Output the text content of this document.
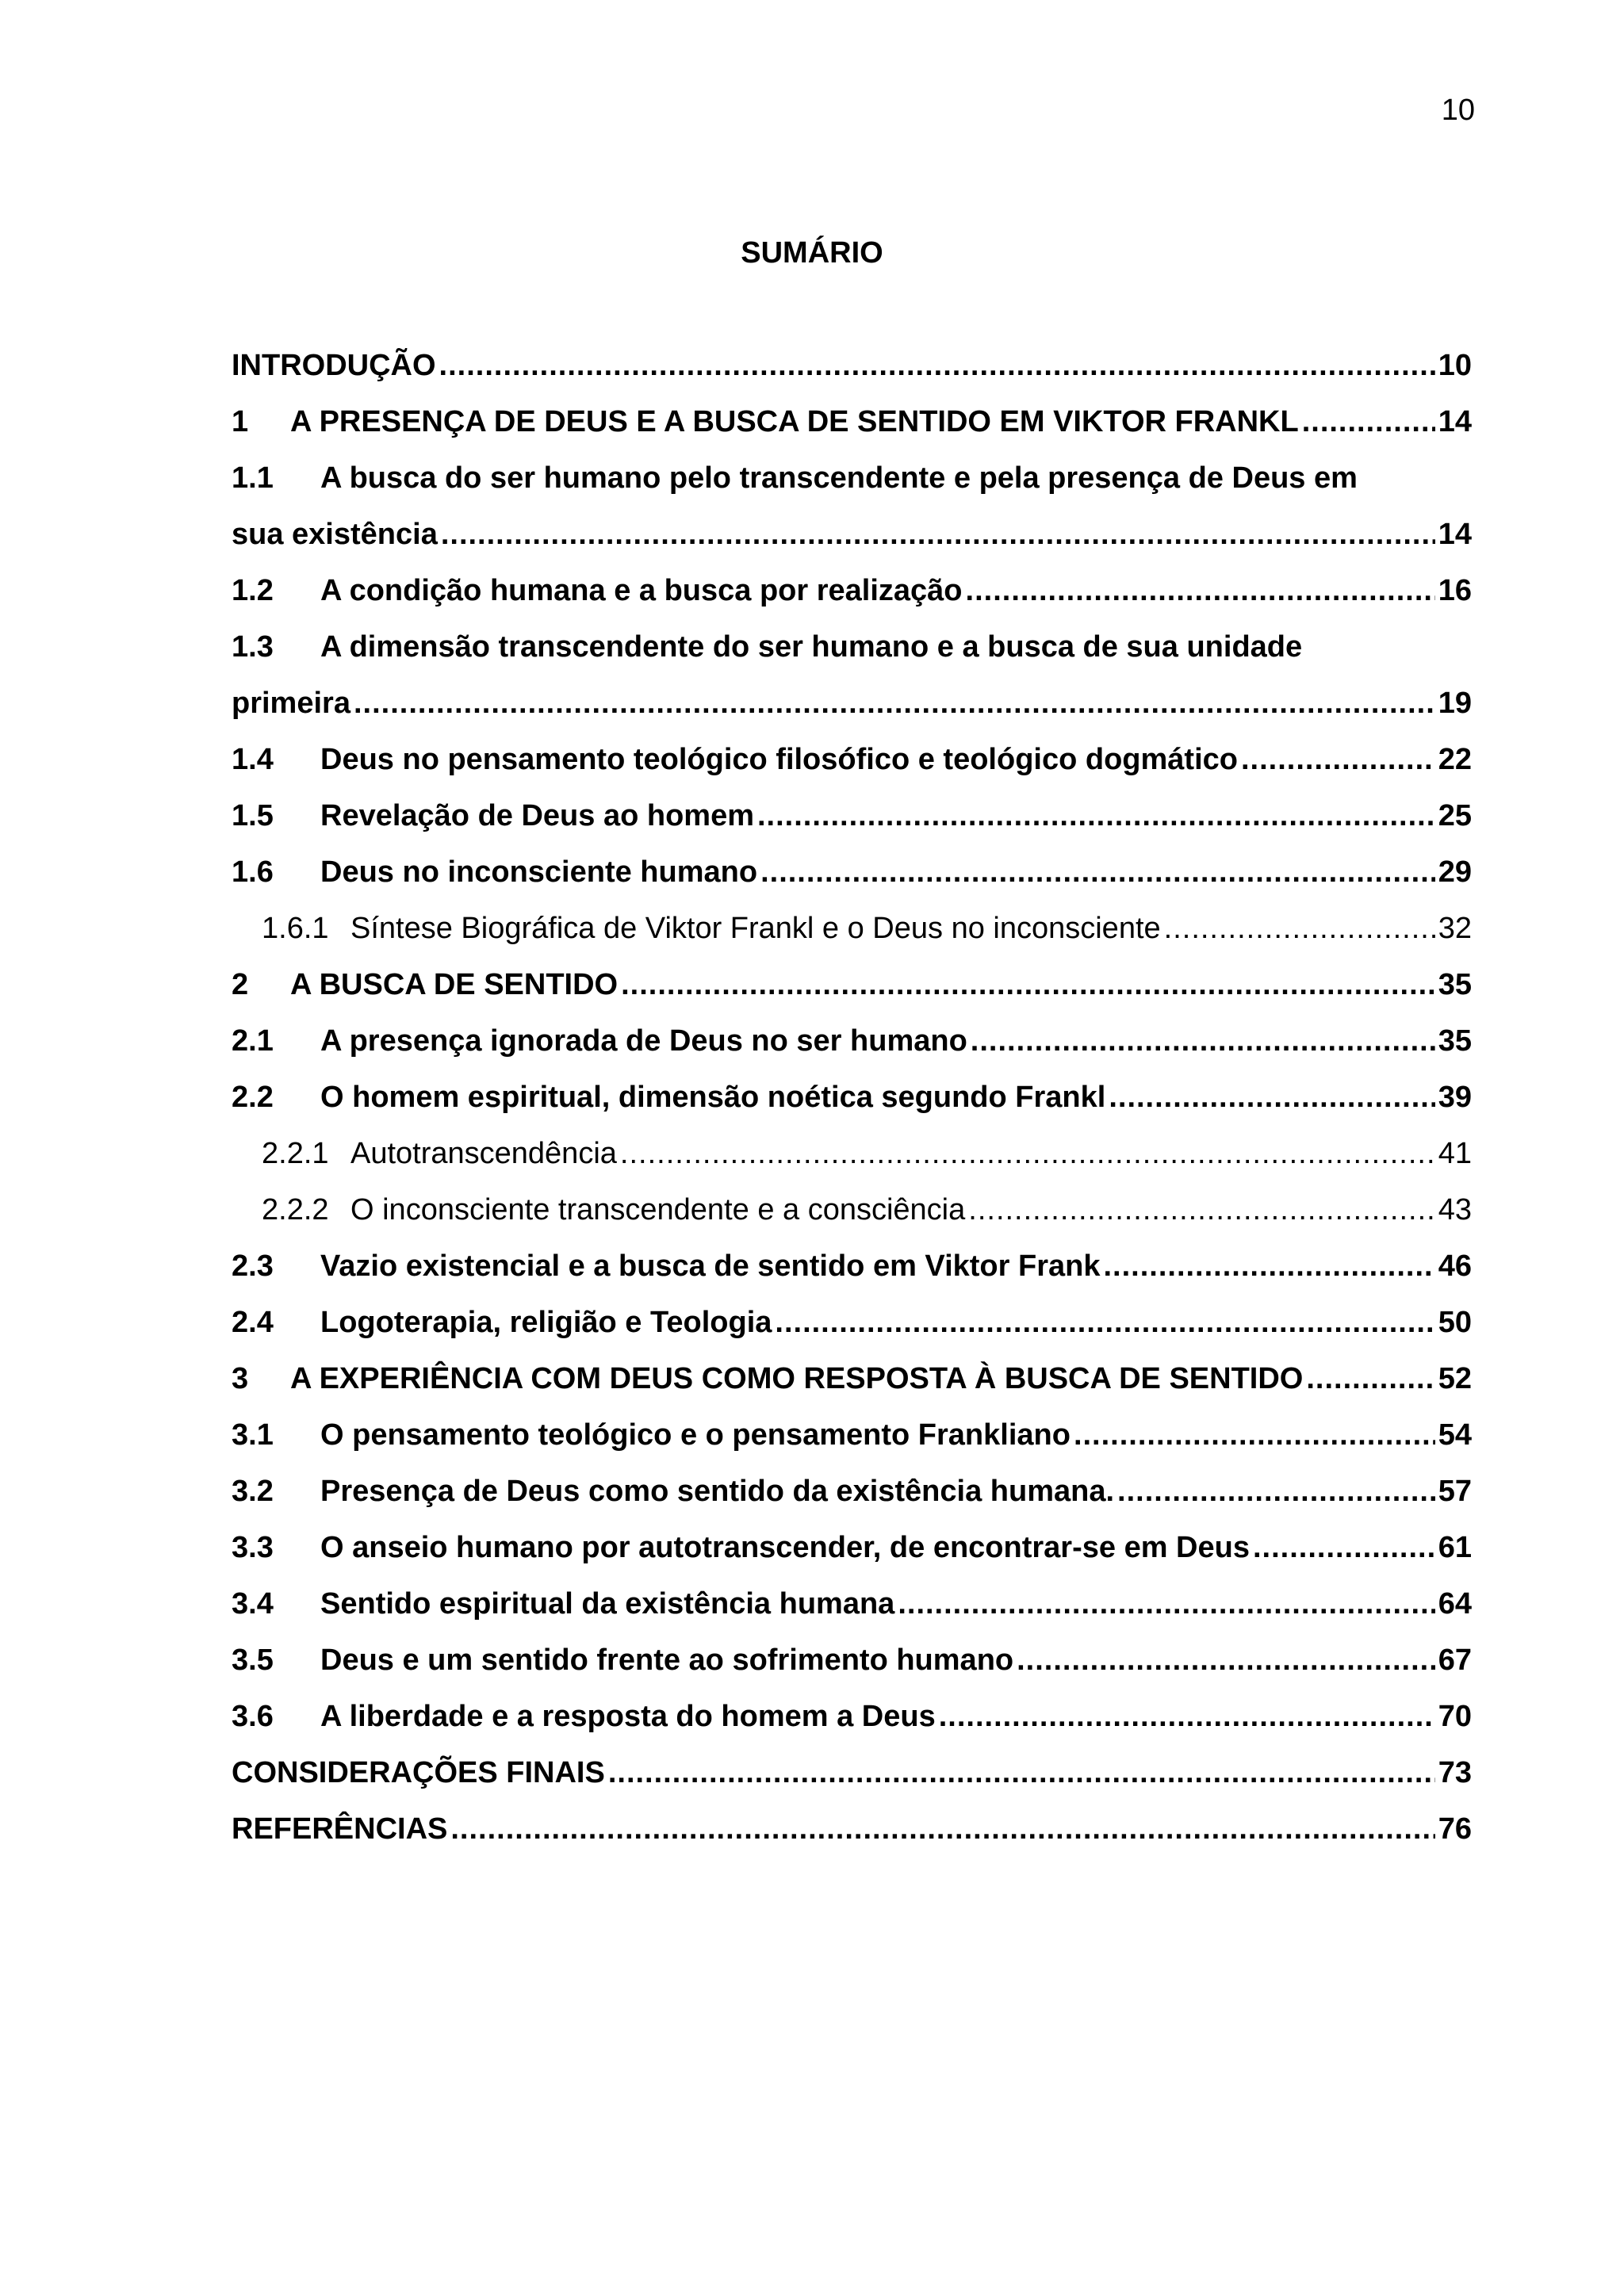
10
SUMÁRIO
INTRODUÇÃO .....	10
1	A PRESENÇA DE DEUS E A BUSCA DE SENTIDO EM VIKTOR FRANKL .....	14
1.1	A busca do ser humano pelo transcendente e pela presença de Deus em
sua existência .....	14
1.2	A condição humana e a busca por realização .....	16
1.3	A dimensão transcendente do ser humano e a busca de sua unidade
primeira .....	19
1.4	Deus no pensamento teológico filosófico e teológico dogmático .....	22
1.5	Revelação de Deus ao homem .....	25
1.6	Deus no inconsciente humano .....	29
1.6.1 Síntese Biográfica de Viktor Frankl e o Deus no inconsciente .....	32
2	A BUSCA DE SENTIDO .....	35
2.1	A presença ignorada de Deus no ser humano .....	35
2.2	O homem espiritual, dimensão noética segundo Frankl .....	39
2.2.1 Autotranscendência .....	41
2.2.2 O inconsciente transcendente e a consciência .....	43
2.3	Vazio existencial e a busca de sentido em Viktor Frank .....	46
2.4	Logoterapia, religião e Teologia .....	50
3	A EXPERIÊNCIA COM DEUS COMO RESPOSTA À BUSCA DE SENTIDO .....	52
3.1	O pensamento teológico e o pensamento Frankliano .....	54
3.2	Presença de Deus como sentido da existência humana. .....	57
3.3	O anseio humano por autotranscender, de encontrar-se em Deus .....	61
3.4	Sentido espiritual da existência humana .....	64
3.5	Deus e um sentido frente ao sofrimento humano .....	67
3.6	A liberdade e a resposta do homem a Deus .....	70
CONSIDERAÇÕES FINAIS .....	73
REFERÊNCIAS .....	76
